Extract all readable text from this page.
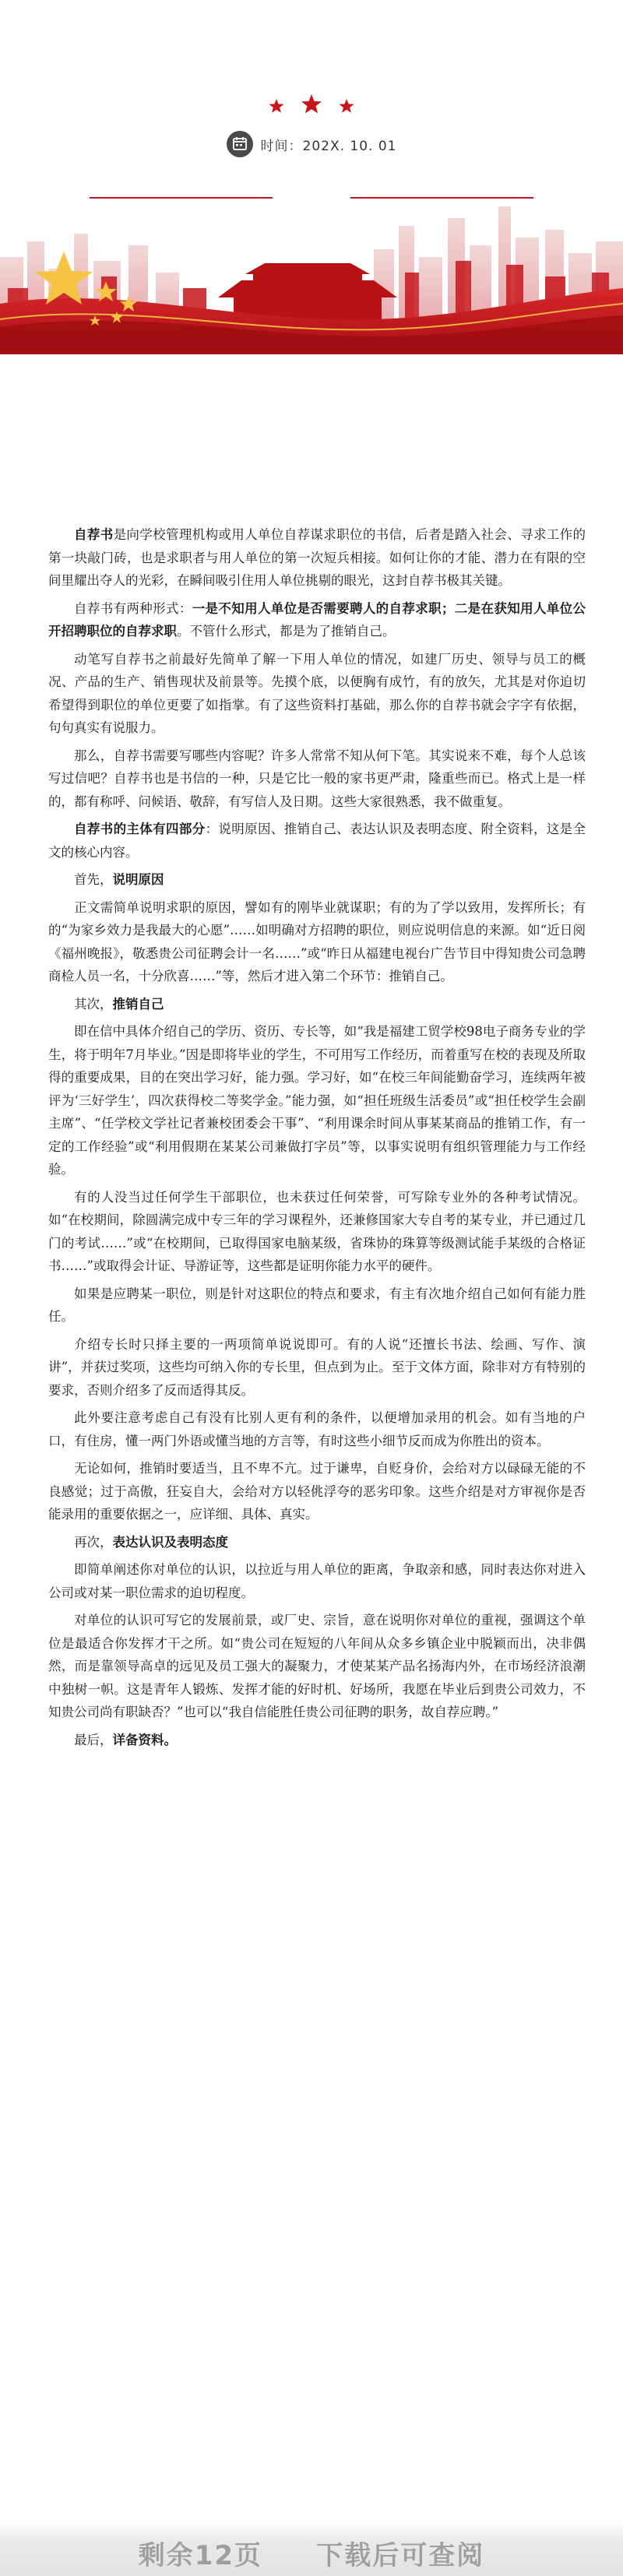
时间：202X. 10. 01

自荐书是向学校管理机构或用人单位自荐谋求职位的书信，后者是踏入社会、寻求工作的第一块敲门砖，也是求职者与用人单位的第一次短兵相接。如何让你的才能、潜力在有限的空间里耀出夺人的光彩，在瞬间吸引住用人单位挑剔的眼光，这封自荐书极其关键。

自荐书有两种形式：一是不知用人单位是否需要聘人的自荐求职；二是在获知用人单位公开招聘职位的自荐求职。不管什么形式，都是为了推销自己。

动笔写自荐书之前最好先简单了解一下用人单位的情况，如建厂历史、领导与员工的概况、产品的生产、销售现状及前景等。先摸个底，以便胸有成竹，有的放矢，尤其是对你迫切希望得到职位的单位更要了如指掌。有了这些资料打基础，那么你的自荐书就会字字有依据，句句真实有说服力。

那么，自荐书需要写哪些内容呢？许多人常常不知从何下笔。其实说来不难，每个人总该写过信吧？自荐书也是书信的一种，只是它比一般的家书更严肃，隆重些而已。格式上是一样的，都有称呼、问候语、敬辞，有写信人及日期。这些大家很熟悉，我不做重复。

自荐书的主体有四部分：说明原因、推销自己、表达认识及表明态度、附全资料，这是全文的核心内容。

首先，说明原因

正文需简单说明求职的原因，譬如有的刚毕业就谋职；有的为了学以致用，发挥所长；有的“为家乡效力是我最大的心愿”……如明确对方招聘的职位，则应说明信息的来源。如“近日阅《福州晚报》，敬悉贵公司征聘会计一名……”或“昨日从福建电视台广告节目中得知贵公司急聘商检人员一名，十分欣喜……”等，然后才进入第二个环节：推销自己。

其次，推销自己

即在信中具体介绍自己的学历、资历、专长等，如“我是福建工贸学校98电子商务专业的学生，将于明年7月毕业。”因是即将毕业的学生，不可用写工作经历，而着重写在校的表现及所取得的重要成果，目的在突出学习好，能力强。学习好，如“在校三年间能勤奋学习，连续两年被评为‘三好学生’，四次获得校二等奖学金。”能力强，如“担任班级生活委员”或“担任校学生会副主席”、“任学校文学社记者兼校团委会干事”、“利用课余时间从事某某商品的推销工作，有一定的工作经验”或“利用假期在某某公司兼做打字员”等，以事实说明有组织管理能力与工作经验。

有的人没当过任何学生干部职位，也未获过任何荣誉，可写除专业外的各种考试情况。如“在校期间，除圆满完成中专三年的学习课程外，还兼修国家大专自考的某专业，并已通过几门的考试……”或“在校期间，已取得国家电脑某级，省珠协的珠算等级测试能手某级的合格证书……”或取得会计证、导游证等，这些都是证明你能力水平的硬件。

如果是应聘某一职位，则是针对这职位的特点和要求，有主有次地介绍自己如何有能力胜任。

介绍专长时只择主要的一两项简单说说即可。有的人说“还擅长书法、绘画、写作、演讲”，并获过奖项，这些均可纳入你的专长里，但点到为止。至于文体方面，除非对方有特别的要求，否则介绍多了反而适得其反。

此外要注意考虑自己有没有比别人更有利的条件，以便增加录用的机会。如有当地的户口，有住房，懂一两门外语或懂当地的方言等，有时这些小细节反而成为你胜出的资本。

无论如何，推销时要适当，且不卑不亢。过于谦卑，自贬身价，会给对方以碌碌无能的不良感觉；过于高傲，狂妄自大，会给对方以轻佻浮夸的恶劣印象。这些介绍是对方审视你是否能录用的重要依据之一，应详细、具体、真实。

再次，表达认识及表明态度

即简单阐述你对单位的认识，以拉近与用人单位的距离，争取亲和感，同时表达你对进入公司或对某一职位需求的迫切程度。

对单位的认识可写它的发展前景，或厂史、宗旨，意在说明你对单位的重视，强调这个单位是最适合你发挥才干之所。如“贵公司在短短的八年间从众多乡镇企业中脱颖而出，决非偶然，而是靠领导高卓的远见及员工强大的凝聚力，才使某某产品名扬海内外，在市场经济浪潮中独树一帜。这是青年人锻炼、发挥才能的好时机、好场所，我愿在毕业后到贵公司效力，不知贵公司尚有职缺否？”也可以“我自信能胜任贵公司征聘的职务，故自荐应聘。”

最后，详备资料。

剩余12页 下载后可查阅
